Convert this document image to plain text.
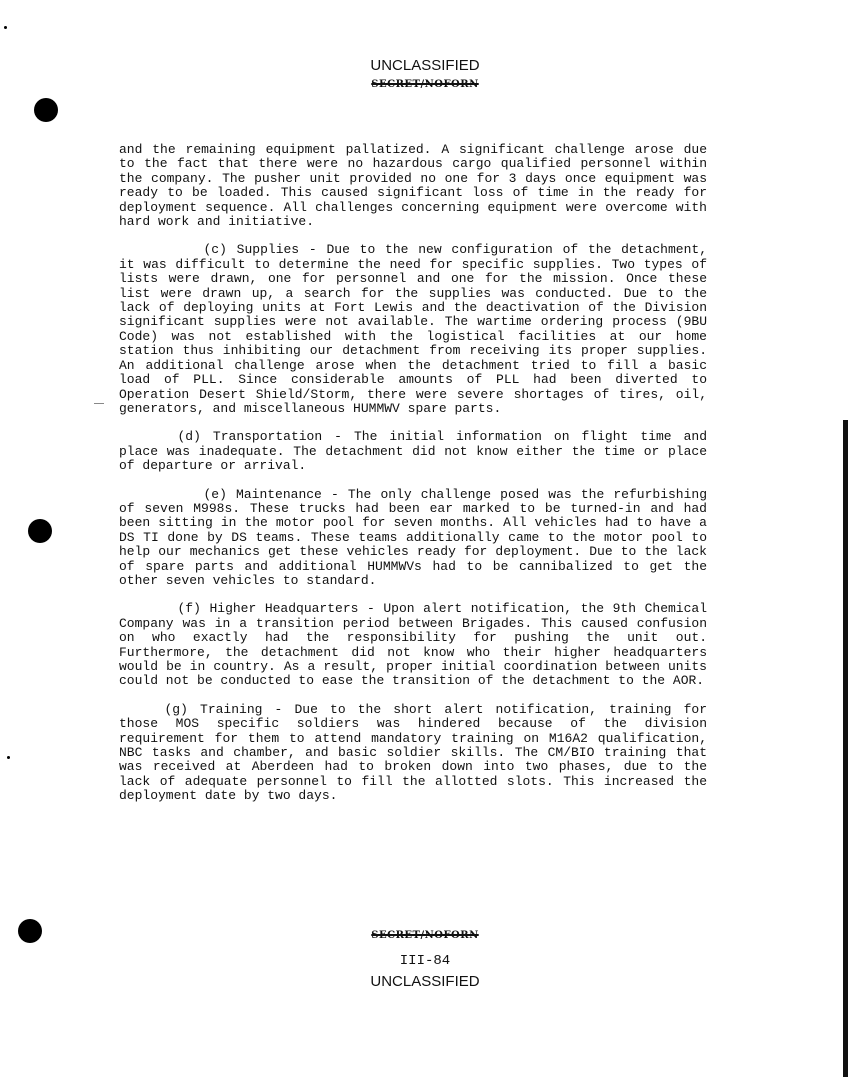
UNCLASSIFIED
SECRET/NOFORN

and the remaining equipment pallatized. A significant challenge arose due to the fact that there were no hazardous cargo qualified personnel within the company. The pusher unit provided no one for 3 days once equipment was ready to be loaded. This caused significant loss of time in the ready for deployment sequence. All challenges concerning equipment were overcome with hard work and initiative.

(c) Supplies - Due to the new configuration of the detachment, it was difficult to determine the need for specific supplies. Two types of lists were drawn, one for personnel and one for the mission. Once these list were drawn up, a search for the supplies was conducted. Due to the lack of deploying units at Fort Lewis and the deactivation of the Division significant supplies were not available. The wartime ordering process (9BU Code) was not established with the logistical facilities at our home station thus inhibiting our detachment from receiving its proper supplies. An additional challenge arose when the detachment tried to fill a basic load of PLL. Since considerable amounts of PLL had been diverted to Operation Desert Shield/Storm, there were severe shortages of tires, oil, generators, and miscellaneous HUMMWV spare parts.

(d) Transportation - The initial information on flight time and place was inadequate. The detachment did not know either the time or place of departure or arrival.

(e) Maintenance - The only challenge posed was the refurbishing of seven M998s. These trucks had been ear marked to be turned-in and had been sitting in the motor pool for seven months. All vehicles had to have a DS TI done by DS teams. These teams additionally came to the motor pool to help our mechanics get these vehicles ready for deployment. Due to the lack of spare parts and additional HUMMWVs had to be cannibalized to get the other seven vehicles to standard.

(f) Higher Headquarters - Upon alert notification, the 9th Chemical Company was in a transition period between Brigades. This caused confusion on who exactly had the responsibility for pushing the unit out. Furthermore, the detachment did not know who their higher headquarters would be in country. As a result, proper initial coordination between units could not be conducted to ease the transition of the detachment to the AOR.

(g) Training - Due to the short alert notification, training for those MOS specific soldiers was hindered because of the division requirement for them to attend mandatory training on M16A2 qualification, NBC tasks and chamber, and basic soldier skills. The CM/BIO training that was received at Aberdeen had to broken down into two phases, due to the lack of adequate personnel to fill the allotted slots. This increased the deployment date by two days.

SECRET/NOFORN
III-84
UNCLASSIFIED
